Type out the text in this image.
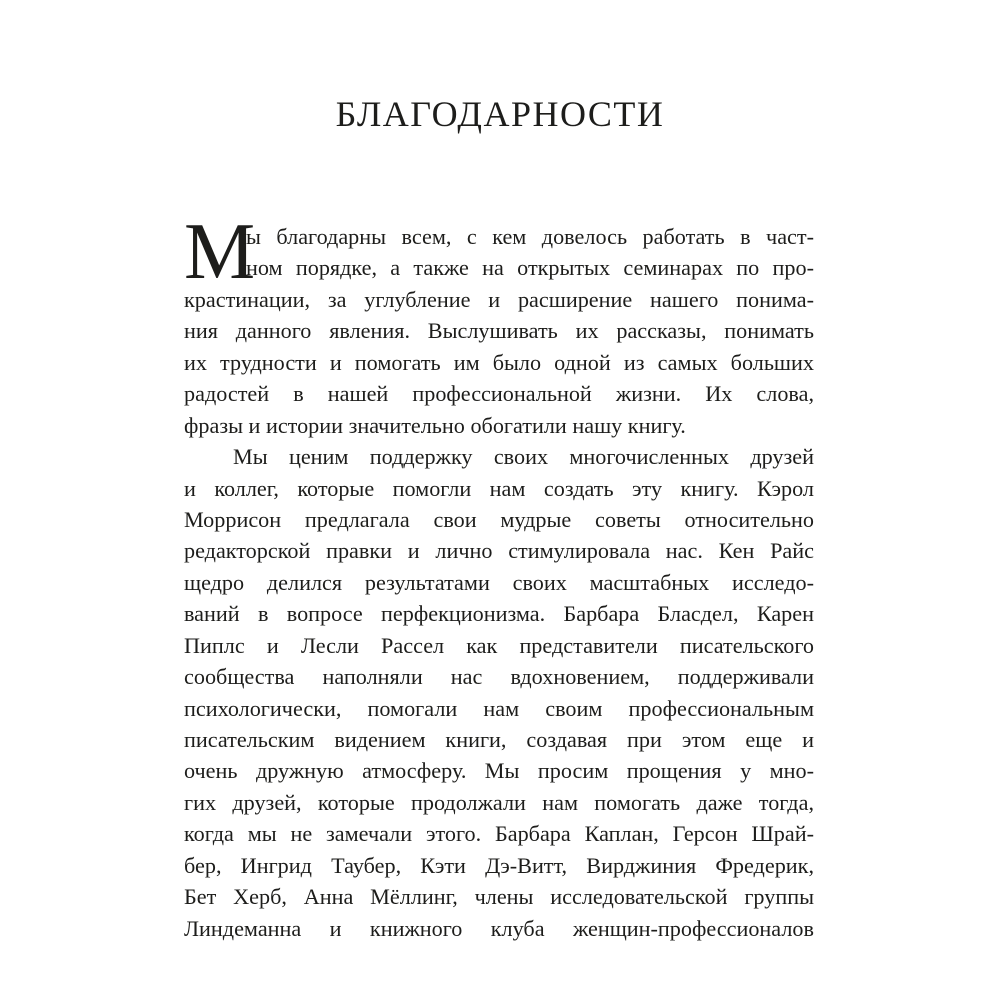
БЛАГОДАРНОСТИ
М
ы благодарны всем, с кем довелось работать в част-
ном порядке, а также на открытых семинарах по про-
крастинации, за углубление и расширение нашего понима-
ния данного явления. Выслушивать их рассказы, понимать
их трудности и помогать им было одной из самых больших
радостей в нашей профессиональной жизни. Их слова,
фразы и истории значительно обогатили нашу книгу.
Мы ценим поддержку своих многочисленных друзей
и коллег, которые помогли нам создать эту книгу. Кэрол
Моррисон предлагала свои мудрые советы относительно
редакторской правки и лично стимулировала нас. Кен Райс
щедро делился результатами своих масштабных исследо-
ваний в вопросе перфекционизма. Барбара Бласдел, Карен
Пиплс и Лесли Рассел как представители писательского
сообщества наполняли нас вдохновением, поддерживали
психологически, помогали нам своим профессиональным
писательским видением книги, создавая при этом еще и
очень дружную атмосферу. Мы просим прощения у мно-
гих друзей, которые продолжали нам помогать даже тогда,
когда мы не замечали этого. Барбара Каплан, Герсон Шрай-
бер, Ингрид Таубер, Кэти Дэ-Витт, Вирджиния Фредерик,
Бет Херб, Анна Мёллинг, члены исследовательской группы
Линдеманна и книжного клуба женщин-профессионалов
